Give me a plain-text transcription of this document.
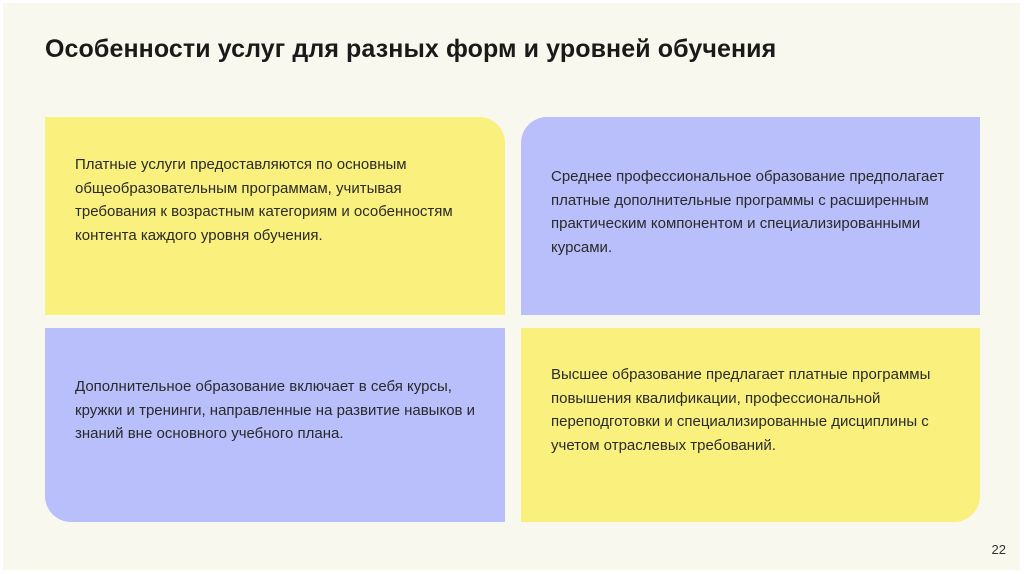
Особенности услуг для разных форм и уровней обучения
Платные услуги предоставляются по основным общеобразовательным программам, учитывая требования к возрастным категориям и особенностям контента каждого уровня обучения.
Среднее профессиональное образование предполагает платные дополнительные программы с расширенным практическим компонентом и специализированными курсами.
Дополнительное образование включает в себя курсы, кружки и тренинги, направленные на развитие навыков и знаний вне основного учебного плана.
Высшее образование предлагает платные программы повышения квалификации, профессиональной переподготовки и специализированные дисциплины с учетом отраслевых требований.
22
